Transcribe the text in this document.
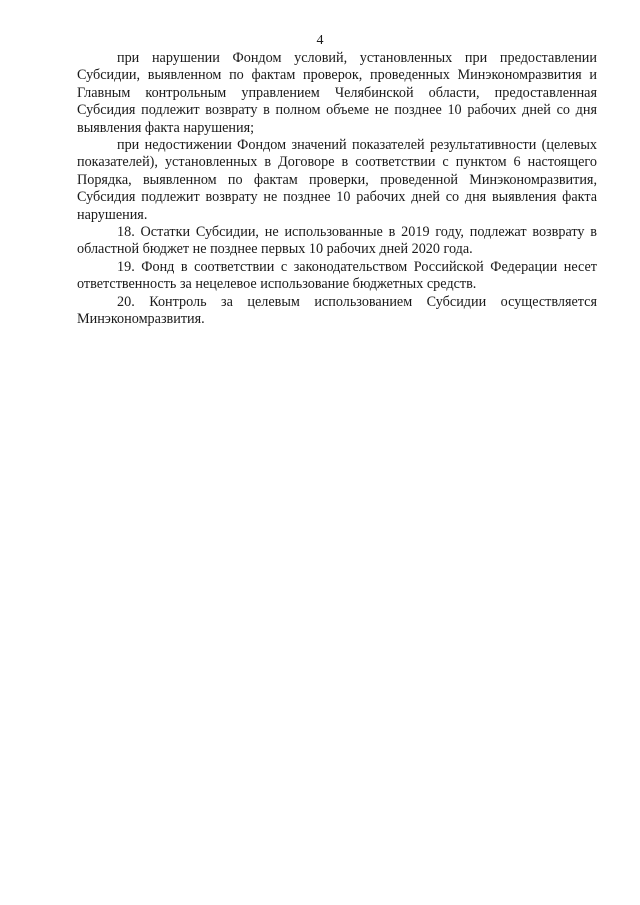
4

при нарушении Фондом условий, установленных при предоставлении Субсидии, выявленном по фактам проверок, проведенных Минэкономразвития и Главным контрольным управлением Челябинской области, предоставленная Субсидия подлежит возврату в полном объеме не позднее 10 рабочих дней со дня выявления факта нарушения;

при недостижении Фондом значений показателей результативности (целевых показателей), установленных в Договоре в соответствии с пунктом 6 настоящего Порядка, выявленном по фактам проверки, проведенной Минэкономразвития, Субсидия подлежит возврату не позднее 10 рабочих дней со дня выявления факта нарушения.

18. Остатки Субсидии, не использованные в 2019 году, подлежат возврату в областной бюджет не позднее первых 10 рабочих дней 2020 года.

19. Фонд в соответствии с законодательством Российской Федерации несет ответственность за нецелевое использование бюджетных средств.

20. Контроль за целевым использованием Субсидии осуществляется Минэкономразвития.
